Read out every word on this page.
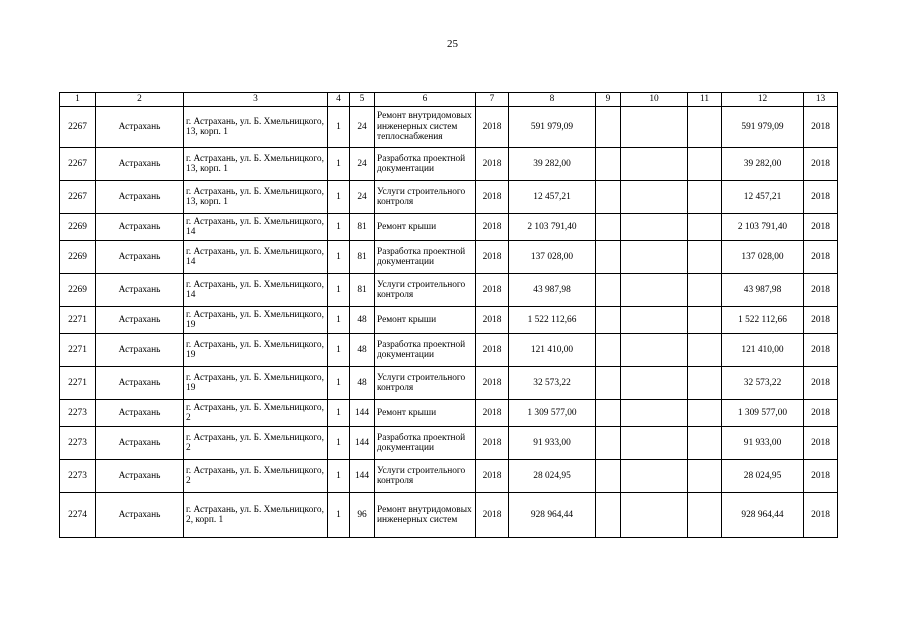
25
1	2	3	4	5	6	7	8	9	10	11	12	13
2267	Астрахань	г. Астрахань, ул. Б. Хмельницкого, 13, корп. 1	1	24	Ремонт внутридомовых инженерных систем теплоснабжения	2018	591 979,09				591 979,09	2018
2267	Астрахань	г. Астрахань, ул. Б. Хмельницкого, 13, корп. 1	1	24	Разработка проектной документации	2018	39 282,00				39 282,00	2018
2267	Астрахань	г. Астрахань, ул. Б. Хмельницкого, 13, корп. 1	1	24	Услуги строительного контроля	2018	12 457,21				12 457,21	2018
2269	Астрахань	г. Астрахань, ул. Б. Хмельницкого, 14	1	81	Ремонт крыши	2018	2 103 791,40				2 103 791,40	2018
2269	Астрахань	г. Астрахань, ул. Б. Хмельницкого, 14	1	81	Разработка проектной документации	2018	137 028,00				137 028,00	2018
2269	Астрахань	г. Астрахань, ул. Б. Хмельницкого, 14	1	81	Услуги строительного контроля	2018	43 987,98				43 987,98	2018
2271	Астрахань	г. Астрахань, ул. Б. Хмельницкого, 19	1	48	Ремонт крыши	2018	1 522 112,66				1 522 112,66	2018
2271	Астрахань	г. Астрахань, ул. Б. Хмельницкого, 19	1	48	Разработка проектной документации	2018	121 410,00				121 410,00	2018
2271	Астрахань	г. Астрахань, ул. Б. Хмельницкого, 19	1	48	Услуги строительного контроля	2018	32 573,22				32 573,22	2018
2273	Астрахань	г. Астрахань, ул. Б. Хмельницкого, 2	1	144	Ремонт крыши	2018	1 309 577,00				1 309 577,00	2018
2273	Астрахань	г. Астрахань, ул. Б. Хмельницкого, 2	1	144	Разработка проектной документации	2018	91 933,00				91 933,00	2018
2273	Астрахань	г. Астрахань, ул. Б. Хмельницкого, 2	1	144	Услуги строительного контроля	2018	28 024,95				28 024,95	2018
2274	Астрахань	г. Астрахань, ул. Б. Хмельницкого, 2, корп. 1	1	96	Ремонт внутридомовых инженерных систем	2018	928 964,44				928 964,44	2018
